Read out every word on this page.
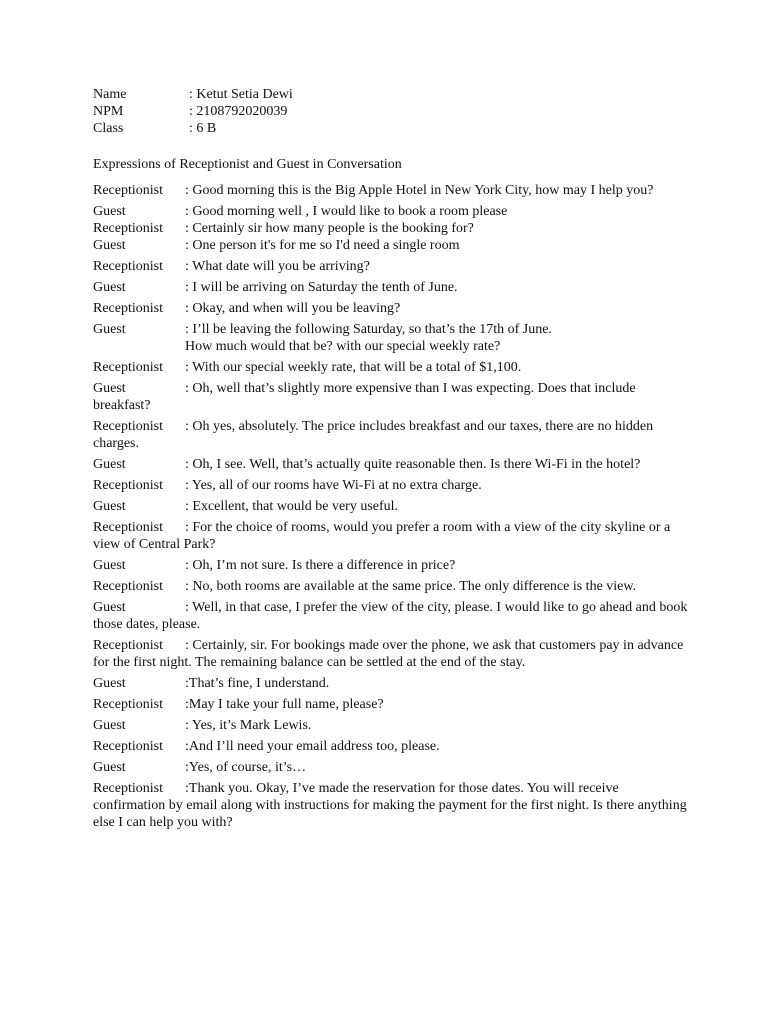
Name	: Ketut Setia Dewi
NPM	: 2108792020039
Class	: 6 B
Expressions of Receptionist and Guest in Conversation
Receptionist : Good morning this is the Big Apple Hotel in New York City, how may I help you?
Guest	: Good morning well , I would like to book a room please
Receptionist : Certainly sir how many people is the booking for?
Guest	: One person it's for me so I'd need a single room
Receptionist : What date will you be arriving?
Guest	: I will be arriving on Saturday the tenth of June.
Receptionist : Okay, and when will you be leaving?
Guest	: I’ll be leaving the following Saturday, so that’s the 17th of June.
How much would that be? with our special weekly rate?
Receptionist : With our special weekly rate, that will be a total of $1,100.
Guest	: Oh, well that’s slightly more expensive than I was expecting. Does that include breakfast?
Receptionist : Oh yes, absolutely. The price includes breakfast and our taxes, there are no hidden charges.
Guest	: Oh, I see. Well, that’s actually quite reasonable then. Is there Wi-Fi in the hotel?
Receptionist : Yes, all of our rooms have Wi-Fi at no extra charge.
Guest	: Excellent, that would be very useful.
Receptionist : For the choice of rooms, would you prefer a room with a view of the city skyline or a view of Central Park?
Guest	: Oh, I’m not sure. Is there a difference in price?
Receptionist : No, both rooms are available at the same price. The only difference is the view.
Guest	: Well, in that case, I prefer the view of the city, please. I would like to go ahead and book those dates, please.
Receptionist : Certainly, sir. For bookings made over the phone, we ask that customers pay in advance for the first night. The remaining balance can be settled at the end of the stay.
Guest	:That’s fine, I understand.
Receptionist :May I take your full name, please?
Guest	: Yes, it’s Mark Lewis.
Receptionist :And I’ll need your email address too, please.
Guest	:Yes, of course, it’s…
Receptionist :Thank you. Okay, I’ve made the reservation for those dates. You will receive confirmation by email along with instructions for making the payment for the first night. Is there anything else I can help you with?
